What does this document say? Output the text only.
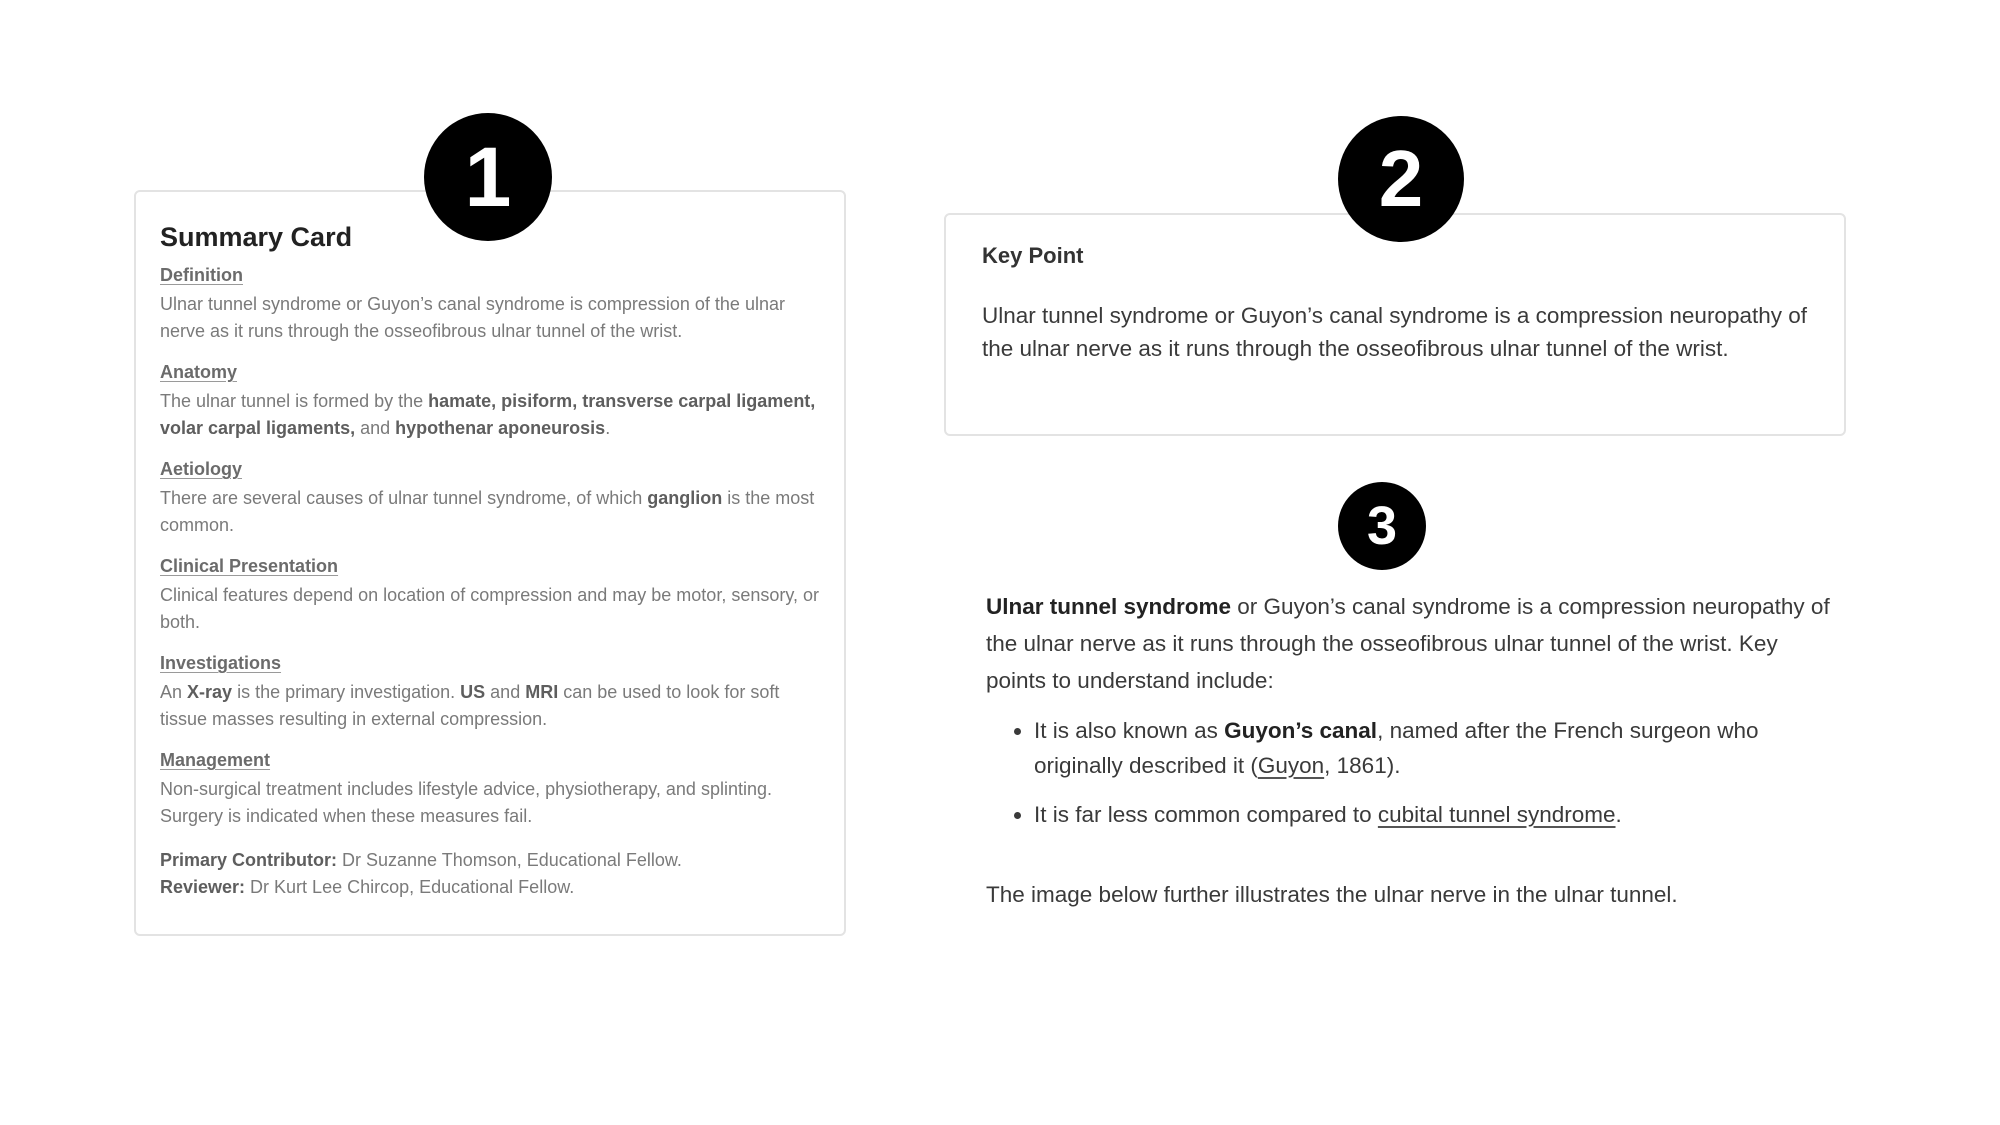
1	2
3
Summary Card
Definition
Ulnar tunnel syndrome or Guyon’s canal syndrome is compression of the ulnar nerve as it runs through the osseofibrous ulnar tunnel of the wrist.
Anatomy
The ulnar tunnel is formed by the hamate, pisiform, transverse carpal ligament, volar carpal ligaments, and hypothenar aponeurosis.
Aetiology
There are several causes of ulnar tunnel syndrome, of which ganglion is the most common.
Clinical Presentation
Clinical features depend on location of compression and may be motor, sensory, or both.
Investigations
An X-ray is the primary investigation. US and MRI can be used to look for soft tissue masses resulting in external compression.
Management
Non-surgical treatment includes lifestyle advice, physiotherapy, and splinting. Surgery is indicated when these measures fail.
Primary Contributor: Dr Suzanne Thomson, Educational Fellow.
Reviewer: Dr Kurt Lee Chircop, Educational Fellow.
Key Point
Ulnar tunnel syndrome or Guyon’s canal syndrome is a compression neuropathy of the ulnar nerve as it runs through the osseofibrous ulnar tunnel of the wrist.
Ulnar tunnel syndrome or Guyon’s canal syndrome is a compression neuropathy of the ulnar nerve as it runs through the osseofibrous ulnar tunnel of the wrist. Key points to understand include:
• It is also known as Guyon’s canal, named after the French surgeon who originally described it (Guyon, 1861).
• It is far less common compared to cubital tunnel syndrome.
The image below further illustrates the ulnar nerve in the ulnar tunnel.
